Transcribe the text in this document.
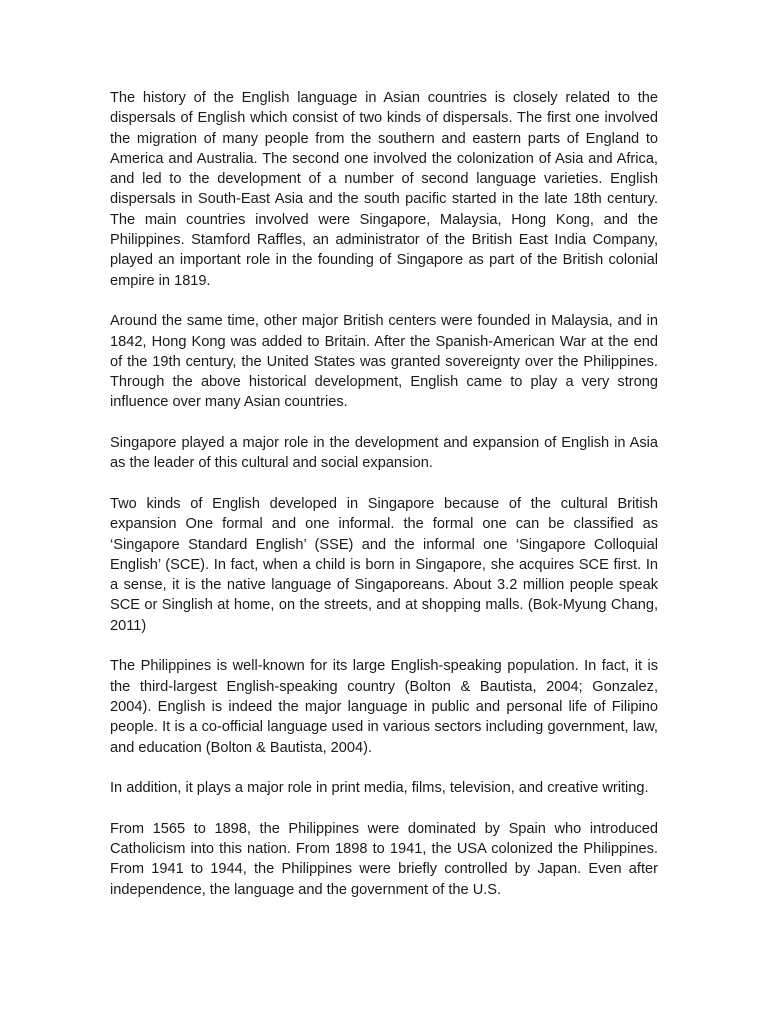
The history of the English language in Asian countries is closely related to the dispersals of English which consist of two kinds of dispersals. The first one involved the migration of many people from the southern and eastern parts of England to America and Australia. The second one involved the colonization of Asia and Africa, and led to the development of a number of second language varieties. English dispersals in South-East Asia and the south pacific started in the late 18th century. The main countries involved were Singapore, Malaysia, Hong Kong, and the Philippines. Stamford Raffles, an administrator of the British East India Company, played an important role in the founding of Singapore as part of the British colonial empire in 1819.

Around the same time, other major British centers were founded in Malaysia, and in 1842, Hong Kong was added to Britain. After the Spanish-American War at the end of the 19th century, the United States was granted sovereignty over the Philippines. Through the above historical development, English came to play a very strong influence over many Asian countries.

Singapore played a major role in the development and expansion of English in Asia as the leader of this cultural and social expansion.

Two kinds of English developed in Singapore because of the cultural British expansion One formal and one informal. the formal one can be classified as ‘Singapore Standard English’ (SSE) and the informal one ‘Singapore Colloquial English’ (SCE). In fact, when a child is born in Singapore, she acquires SCE first. In a sense, it is the native language of Singaporeans. About 3.2 million people speak SCE or Singlish at home, on the streets, and at shopping malls. (Bok-Myung Chang, 2011)

The Philippines is well-known for its large English-speaking population. In fact, it is the third-largest English-speaking country (Bolton & Bautista, 2004; Gonzalez, 2004). English is indeed the major language in public and personal life of Filipino people. It is a co-official language used in various sectors including government, law, and education (Bolton & Bautista, 2004).

In addition, it plays a major role in print media, films, television, and creative writing.

From 1565 to 1898, the Philippines were dominated by Spain who introduced Catholicism into this nation. From 1898 to 1941, the USA colonized the Philippines. From 1941 to 1944, the Philippines were briefly controlled by Japan. Even after independence, the language and the government of the U.S.
